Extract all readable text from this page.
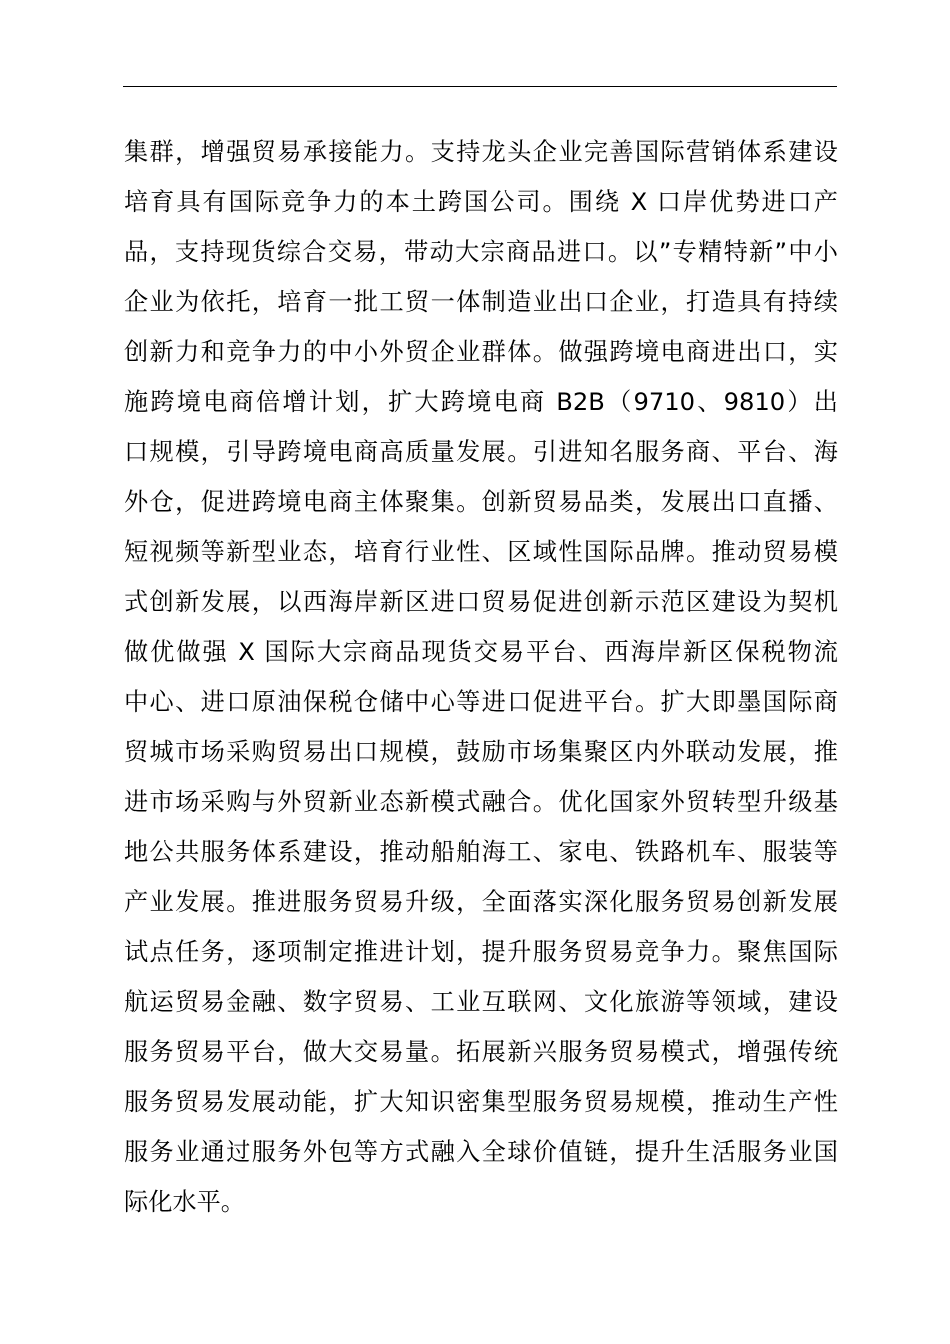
集群，增强贸易承接能力。支持龙头企业完善国际营销体系建设
培育具有国际竞争力的本土跨国公司。围绕 X 口岸优势进口产
品，支持现货综合交易，带动大宗商品进口。以”专精特新”中小
企业为依托，培育一批工贸一体制造业出口企业，打造具有持续
创新力和竞争力的中小外贸企业群体。做强跨境电商进出口，实
施跨境电商倍增计划，扩大跨境电商 B2B（9710、9810）出
口规模，引导跨境电商高质量发展。引进知名服务商、平台、海
外仓，促进跨境电商主体聚集。创新贸易品类，发展出口直播、
短视频等新型业态，培育行业性、区域性国际品牌。推动贸易模
式创新发展，以西海岸新区进口贸易促进创新示范区建设为契机
做优做强 X 国际大宗商品现货交易平台、西海岸新区保税物流
中心、进口原油保税仓储中心等进口促进平台。扩大即墨国际商
贸城市场采购贸易出口规模，鼓励市场集聚区内外联动发展，推
进市场采购与外贸新业态新模式融合。优化国家外贸转型升级基
地公共服务体系建设，推动船舶海工、家电、铁路机车、服装等
产业发展。推进服务贸易升级，全面落实深化服务贸易创新发展
试点任务，逐项制定推进计划，提升服务贸易竞争力。聚焦国际
航运贸易金融、数字贸易、工业互联网、文化旅游等领域，建设
服务贸易平台，做大交易量。拓展新兴服务贸易模式，增强传统
服务贸易发展动能，扩大知识密集型服务贸易规模，推动生产性
服务业通过服务外包等方式融入全球价值链，提升生活服务业国
际化水平。
